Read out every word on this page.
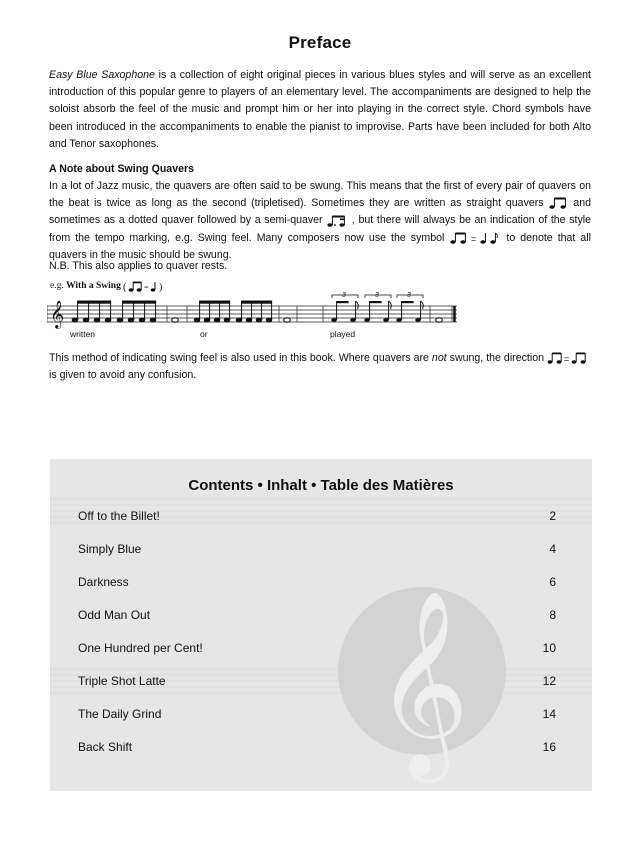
Preface
Easy Blue Saxophone is a collection of eight original pieces in various blues styles and will serve as an excellent introduction of this popular genre to players of an elementary level. The accompaniments are designed to help the soloist absorb the feel of the music and prompt him or her into playing in the correct style. Chord symbols have been introduced in the accompaniments to enable the pianist to improvise. Parts have been included for both Alto and Tenor saxophones.
A Note about Swing Quavers
In a lot of Jazz music, the quavers are often said to be swung. This means that the first of every pair of quavers on the beat is twice as long as the second (tripletised). Sometimes they are written as straight quavers	and sometimes as a dotted quaver followed by a semi-quaver	, but there will always be an indication of the style from the tempo marking, e.g. Swing feel. Many composers now use the symbol	=	to denote that all quavers in the music should be swung.
N.B. This also applies to quaver rests.
e.g. With a Swing ( = )
𝄞
3	3	3
written	or	played
This method of indicating swing feel is also used in this book. Where quavers are not swung, the direction =
is given to avoid any confusion.
𝄞
Contents • Inhalt • Table des Matières
Off to the Billet!	2
Simply Blue	4
Darkness	6
Odd Man Out	8
One Hundred per Cent!	10
Triple Shot Latte	12
The Daily Grind	14
Back Shift	16
